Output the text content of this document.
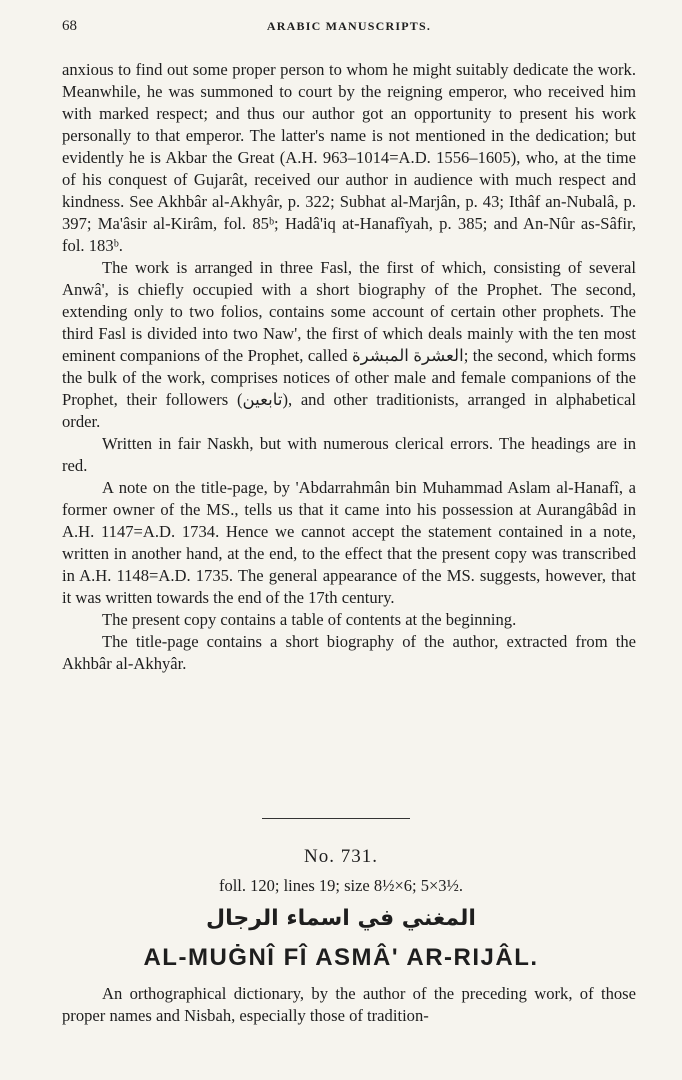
68	ARABIC MANUSCRIPTS.

anxious to find out some proper person to whom he might suitably dedicate the work. Meanwhile, he was summoned to court by the reigning emperor, who received him with marked respect; and thus our author got an opportunity to present his work personally to that emperor. The latter's name is not mentioned in the dedication; but evidently he is Akbar the Great (A.H. 963–1014=A.D. 1556–1605), who, at the time of his conquest of Gujarât, received our author in audience with much respect and kindness. See Akhbâr al-Akhyâr, p. 322; Subhat al-Marjân, p. 43; Ithâf an-Nubalâ, p. 397; Ma'âsir al-Kirâm, fol. 85ᵇ; Hadâ'iq at-Hanafîyah, p. 385; and An-Nûr as-Sâfir, fol. 183ᵇ.

The work is arranged in three Fasl, the first of which, consisting of several Anwâ', is chiefly occupied with a short biography of the Prophet. The second, extending only to two folios, contains some account of certain other prophets. The third Fasl is divided into two Naw', the first of which deals mainly with the ten most eminent companions of the Prophet, called العشرة المبشرة; the second, which forms the bulk of the work, comprises notices of other male and female companions of the Prophet, their followers (تابعين), and other traditionists, arranged in alphabetical order.

Written in fair Naskh, but with numerous clerical errors. The headings are in red.

A note on the title-page, by 'Abdarrahmân bin Muhammad Aslam al-Hanafî, a former owner of the MS., tells us that it came into his possession at Aurangâbâd in A.H. 1147=A.D. 1734. Hence we cannot accept the statement contained in a note, written in another hand, at the end, to the effect that the present copy was transcribed in A.H. 1148=A.D. 1735. The general appearance of the MS. suggests, however, that it was written towards the end of the 17th century.

The present copy contains a table of contents at the beginning.

The title-page contains a short biography of the author, extracted from the Akhbâr al-Akhyâr.

No. 731.
foll. 120; lines 19; size 8½×6; 5×3½.
المغني في اسماء الرجال
AL-MUĠNÎ FÎ ASMÂ' AR-RIJÂL.

An orthographical dictionary, by the author of the preceding work, of those proper names and Nisbah, especially those of tradition-
